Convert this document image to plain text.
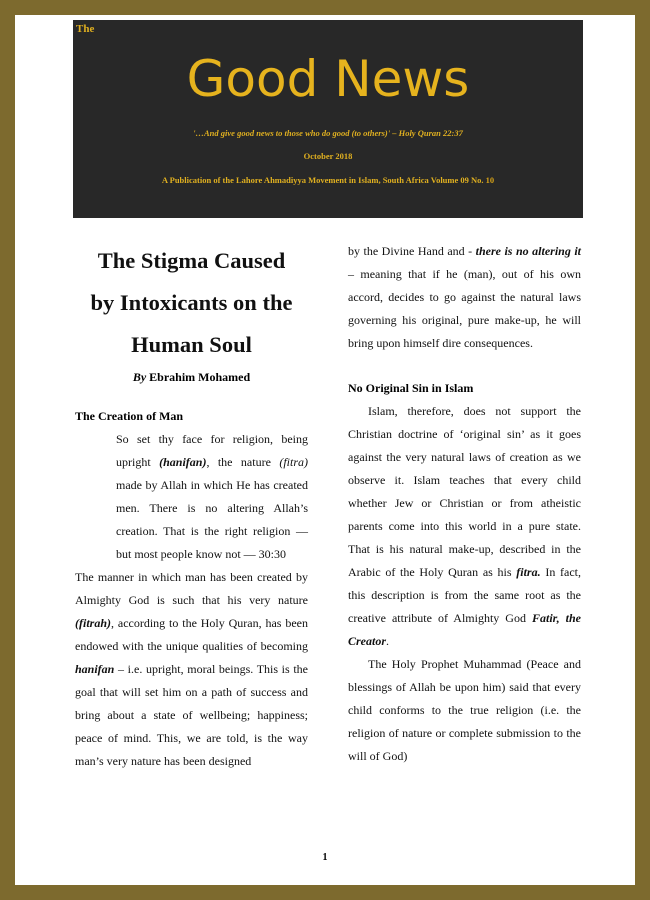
The
Good News
'…And give good news to those who do good (to others)' – Holy Quran 22:37
October 2018
A Publication of the Lahore Ahmadiyya Movement in Islam, South Africa Volume 09 No. 10
The Stigma Caused
by Intoxicants on the
Human Soul
By Ebrahim Mohamed
The Creation of Man

So set thy face for religion, being upright (hanifan), the nature (fitra) made by Allah in which He has created men. There is no altering Allah’s creation. That is the right religion — but most people know not — 30:30

The manner in which man has been created by Almighty God is such that his very nature (fitrah), according to the Holy Quran, has been endowed with the unique qualities of becoming hanifan – i.e. upright, moral beings. This is the goal that will set him on a path of success and bring about a state of wellbeing; happiness; peace of mind. This, we are told, is the way man’s very nature has been designed

by the Divine Hand and - there is no altering it – meaning that if he (man), out of his own accord, decides to go against the natural laws governing his original, pure make-up, he will bring upon himself dire consequences.

No Original Sin in Islam

Islam, therefore, does not support the Christian doctrine of ‘original sin’ as it goes against the very natural laws of creation as we observe it. Islam teaches that every child whether Jew or Christian or from atheistic parents come into this world in a pure state. That is his natural make-up, described in the Arabic of the Holy Quran as his fitra. In fact, this description is from the same root as the creative attribute of Almighty God Fatir, the Creator.

The Holy Prophet Muhammad (Peace and blessings of Allah be upon him) said that every child conforms to the true religion (i.e. the religion of nature or complete submission to the will of God)

1
